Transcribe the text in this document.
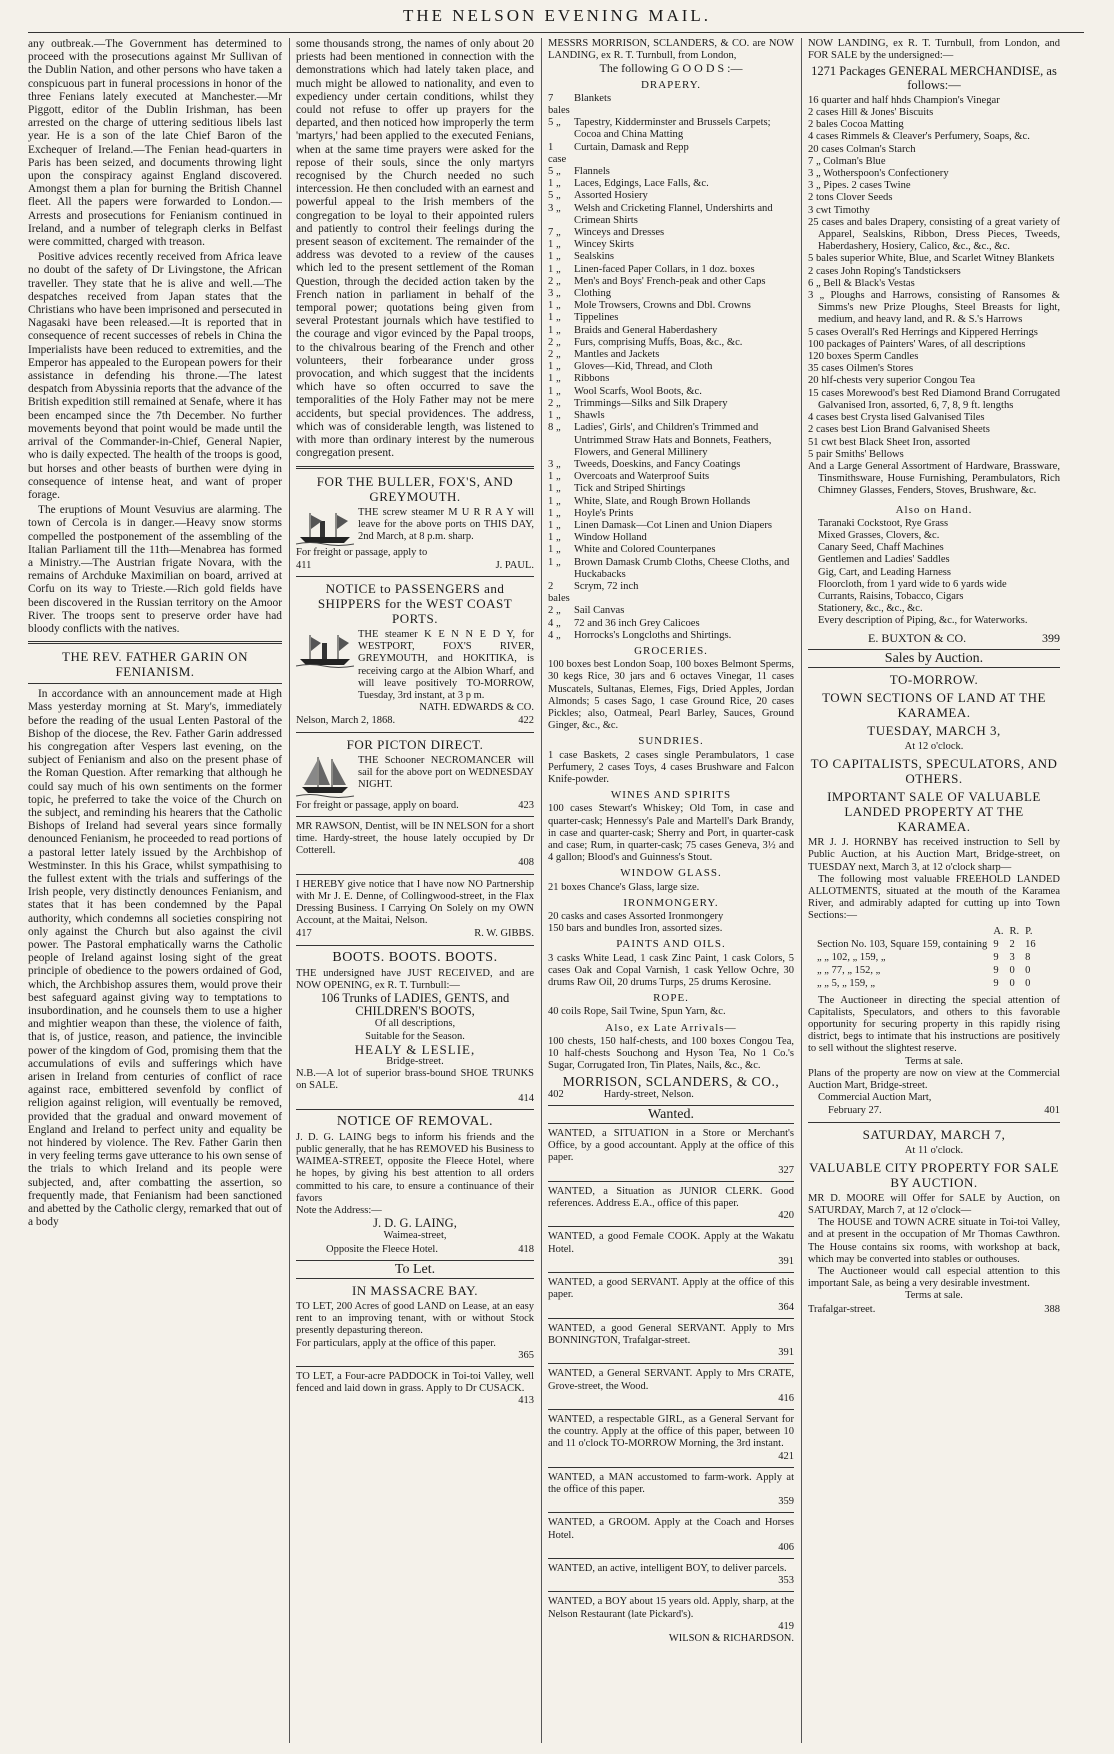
THE NELSON EVENING MAIL.

any outbreak.—The Government has determined to proceed with the prosecutions against Mr Sullivan of the Dublin Nation, and other persons who have taken a conspicuous part in funeral processions in honor of the three Fenians lately executed at Manchester.—Mr Piggott, editor of the Dublin Irishman, has been arrested on the charge of uttering seditious libels last year. He is a son of the late Chief Baron of the Exchequer of Ireland.—The Fenian head-quarters in Paris has been seized, and documents throwing light upon the conspiracy against England discovered. Amongst them a plan for burning the British Channel fleet. All the papers were forwarded to London.—Arrests and prosecutions for Fenianism continued in Ireland, and a number of telegraph clerks in Belfast were committed, charged with treason.

Positive advices recently received from Africa leave no doubt of the safety of Dr Livingstone, the African traveller. They state that he is alive and well.—The despatches received from Japan states that the Christians who have been imprisoned and persecuted in Nagasaki have been released.—It is reported that in consequence of recent successes of rebels in China the Imperialists have been reduced to extremities, and the Emperor has appealed to the European powers for their assistance in defending his throne.—The latest despatch from Abyssinia reports that the advance of the British expedition still remained at Senafe, where it has been encamped since the 7th December. No further movements beyond that point would be made until the arrival of the Commander-in-Chief, General Napier, who is daily expected. The health of the troops is good, but horses and other beasts of burthen were dying in consequence of intense heat, and want of proper forage.

The eruptions of Mount Vesuvius are alarming. The town of Cercola is in danger.—Heavy snow storms compelled the postponement of the assembling of the Italian Parliament till the 11th—Menabrea has formed a Ministry.—The Austrian frigate Novara, with the remains of Archduke Maximilian on board, arrived at Corfu on its way to Trieste.—Rich gold fields have been discovered in the Russian territory on the Amoor River. The troops sent to preserve order have had bloody conflicts with the natives.

THE REV. FATHER GARIN ON FENIANISM.

In accordance with an announcement made at High Mass yesterday morning at St. Mary's, immediately before the reading of the usual Lenten Pastoral of the Bishop of the diocese, the Rev. Father Garin addressed his congregation after Vespers last evening, on the subject of Fenianism and also on the present phase of the Roman Question. After remarking that although he could say much of his own sentiments on the former topic, he preferred to take the voice of the Church on the subject, and reminding his hearers that the Catholic Bishops of Ireland had several years since formally denounced Fenianism, he proceeded to read portions of a pastoral letter lately issued by the Archbishop of Westminster. In this his Grace, whilst sympathising to the fullest extent with the trials and sufferings of the Irish people, very distinctly denounces Fenianism, and states that it has been condemned by the Papal authority, which condemns all societies conspiring not only against the Church but also against the civil power. The Pastoral emphatically warns the Catholic people of Ireland against losing sight of the great principle of obedience to the powers ordained of God, which, the Archbishop assures them, would prove their best safeguard against giving way to temptations to insubordination, and he counsels them to use a higher and mightier weapon than these, the violence of faith, that is, of justice, reason, and patience, the invincible power of the kingdom of God, promising them that the accumulations of evils and sufferings which have arisen in Ireland from centuries of conflict of race against race, embittered sevenfold by conflict of religion against religion, will eventually be removed, provided that the gradual and onward movement of England and Ireland to perfect unity and equality be not hindered by violence. The Rev. Father Garin then in very feeling terms gave utterance to his own sense of the trials to which Ireland and its people were subjected, and, after combatting the assertion, so frequently made, that Fenianism had been sanctioned and abetted by the Catholic clergy, remarked that out of a body

some thousands strong, the names of only about 20 priests had been mentioned in connection with the demonstrations which had lately taken place, and much might be allowed to nationality, and even to expediency under certain conditions, whilst they could not refuse to offer up prayers for the departed, and then noticed how improperly the term 'martyrs,' had been applied to the executed Fenians, when at the same time prayers were asked for the repose of their souls, since the only martyrs recognised by the Church needed no such intercession. He then concluded with an earnest and powerful appeal to the Irish members of the congregation to be loyal to their appointed rulers and patiently to control their feelings during the present season of excitement. The remainder of the address was devoted to a review of the causes which led to the present settlement of the Roman Question, through the decided action taken by the French nation in parliament in behalf of the temporal power; quotations being given from several Protestant journals which have testified to the courage and vigor evinced by the Papal troops, to the chivalrous bearing of the French and other volunteers, their forbearance under gross provocation, and which suggest that the incidents which have so often occurred to save the temporalities of the Holy Father may not be mere accidents, but special providences. The address, which was of considerable length, was listened to with more than ordinary interest by the numerous congregation present.

FOR THE BULLER, FOX'S, AND GREYMOUTH.
THE screw steamer M U R R A Y will leave for the above ports on THIS DAY, 2nd March, at 8 p.m. sharp.
For freight or passage, apply to
411	J. PAUL.
NOTICE to PASSENGERS and SHIPPERS for the WEST COAST PORTS.
THE steamer K E N N E D Y, for WESTPORT, FOX'S RIVER, GREYMOUTH, and HOKITIKA, is receiving cargo at the Albion Wharf, and will leave positively TO-MORROW, Tuesday, 3rd instant, at 3 p m.
NATH. EDWARDS & CO.
Nelson, March 2, 1868.	422
FOR PICTON DIRECT.
THE Schooner NECROMANCER will sail for the above port on WEDNESDAY NIGHT.
For freight or passage, apply on board.	423
MR RAWSON, Dentist, will be IN NELSON for a short time. Hardy-street, the house lately occupied by Dr Cotterell.
408
I HEREBY give notice that I have now NO Partnership with Mr J. E. Denne, of Collingwood-street, in the Flax Dressing Business. I Carrying On Solely on my OWN Account, at the Maitai, Nelson.
417	R. W. GIBBS.
BOOTS. BOOTS. BOOTS.
THE undersigned have JUST RECEIVED, and are NOW OPENING, ex R. T. Turnbull:—
106 Trunks of LADIES, GENTS, and CHILDREN'S BOOTS,
Of all descriptions,
Suitable for the Season.
HEALY & LESLIE,
Bridge-street.
N.B.—A lot of superior brass-bound SHOE TRUNKS on SALE.
414
NOTICE OF REMOVAL.
J. D. G. LAING begs to inform his friends and the public generally, that he has REMOVED his Business to WAIMEA-STREET, opposite the Fleece Hotel, where he hopes, by giving his best attention to all orders committed to his care, to ensure a continuance of their favors
Note the Address:—
J. D. G. LAING,
Waimea-street,
Opposite the Fleece Hotel.	418
To Let.
IN MASSACRE BAY.
TO LET, 200 Acres of good LAND on Lease, at an easy rent to an improving tenant, with or without Stock presently depasturing thereon.
For particulars, apply at the office of this paper.
365
TO LET, a Four-acre PADDOCK in Toi-toi Valley, well fenced and laid down in grass. Apply to Dr CUSACK.
413
MESSRS MORRISON, SCLANDERS, & CO. are NOW LANDING, ex R. T. Turnbull, from London,
The following G O O D S :—
DRAPERY.
7 bales
Blankets
5 „	Tapestry, Kidderminster and Brussels Carpets; Cocoa and China Matting
1 case
Curtain, Damask and Repp
5 „	Flannels
1 „	Laces, Edgings, Lace Falls, &c.
5 „	Assorted Hosiery
3 „	Welsh and Cricketing Flannel, Undershirts and Crimean Shirts
7 „	Winceys and Dresses
1 „	Wincey Skirts
1 „	Sealskins
1 „	Linen-faced Paper Collars, in 1 doz. boxes
2 „	Men's and Boys' French-peak and other Caps
3 „	Clothing
1 „	Mole Trowsers, Crowns and Dbl. Crowns
1 „	Tippelines
1 „	Braids and General Haberdashery
2 „	Furs, comprising Muffs, Boas, &c., &c.
2 „	Mantles and Jackets
1 „	Gloves—Kid, Thread, and Cloth
1 „	Ribbons
1 „	Wool Scarfs, Wool Boots, &c.
2 „	Trimmings—Silks and Silk Drapery
1 „	Shawls
8 „	Ladies', Girls', and Children's Trimmed and Untrimmed Straw Hats and Bonnets, Feathers, Flowers, and General Millinery
3 „	Tweeds, Doeskins, and Fancy Coatings
1 „	Overcoats and Waterproof Suits
1 „	Tick and Striped Shirtings
1 „	White, Slate, and Rough Brown Hollands
1 „	Hoyle's Prints
1 „	Linen Damask—Cot Linen and Union Diapers
1 „	Window Holland
1 „	White and Colored Counterpanes
1 „	Brown Damask Crumb Cloths, Cheese Cloths, and Huckabacks
2 bales
Scrym, 72 inch
2 „	Sail Canvas
4 „	72 and 36 inch Grey Calicoes
4 „	Horrocks's Longcloths and Shirtings.
GROCERIES.
100 boxes best London Soap, 100 boxes Belmont Sperms, 30 kegs Rice, 30 jars and 6 octaves Vinegar, 11 cases Muscatels, Sultanas, Elemes, Figs, Dried Apples, Jordan Almonds; 5 cases Sago, 1 case Ground Rice, 20 cases Pickles; also, Oatmeal, Pearl Barley, Sauces, Ground Ginger, &c., &c.
SUNDRIES.
1 case Baskets, 2 cases single Perambulators, 1 case Perfumery, 2 cases Toys, 4 cases Brushware and Falcon Knife-powder.
WINES AND SPIRITS
100 cases Stewart's Whiskey; Old Tom, in case and quarter-cask; Hennessy's Pale and Martell's Dark Brandy, in case and quarter-cask; Sherry and Port, in quarter-cask and case; Rum, in quarter-cask; 75 cases Geneva, 3½ and 4 gallon; Blood's and Guinness's Stout.
WINDOW GLASS.
21 boxes Chance's Glass, large size.
IRONMONGERY.
20 casks and cases Assorted Ironmongery
150 bars and bundles Iron, assorted sizes.
PAINTS AND OILS.
3 casks White Lead, 1 cask Zinc Paint, 1 cask Colors, 5 cases Oak and Copal Varnish, 1 cask Yellow Ochre, 30 drums Raw Oil, 20 drums Turps, 25 drums Kerosine.
ROPE.
40 coils Rope, Sail Twine, Spun Yarn, &c.
Also, ex Late Arrivals—
100 chests, 150 half-chests, and 100 boxes Congou Tea, 10 half-chests Souchong and Hyson Tea, No 1 Co.'s Sugar, Corrugated Iron, Tin Plates, Nails, &c., &c.
MORRISON, SCLANDERS, & CO.,
402	Hardy-street, Nelson.
Wanted.
WANTED, a SITUATION in a Store or Merchant's Office, by a good accountant. Apply at the office of this paper.
327
WANTED, a Situation as JUNIOR CLERK. Good references. Address E.A., office of this paper.
420
WANTED, a good Female COOK. Apply at the Wakatu Hotel.
391
WANTED, a good SERVANT. Apply at the office of this paper.
364
WANTED, a good General SERVANT. Apply to Mrs BONNINGTON, Trafalgar-street.
391
WANTED, a General SERVANT. Apply to Mrs CRATE, Grove-street, the Wood.
416
WANTED, a respectable GIRL, as a General Servant for the country. Apply at the office of this paper, between 10 and 11 o'clock TO-MORROW Morning, the 3rd instant.
421
WANTED, a MAN accustomed to farm-work. Apply at the office of this paper.
359
WANTED, a GROOM. Apply at the Coach and Horses Hotel.
406
WANTED, an active, intelligent BOY, to deliver parcels.
353
WANTED, a BOY about 15 years old. Apply, sharp, at the Nelson Restaurant (late Pickard's).
419
WILSON & RICHARDSON.
NOW LANDING, ex R. T. Turnbull, from London, and FOR SALE by the undersigned:—
1271 Packages GENERAL MERCHANDISE, as follows:—
16 quarter and half hhds Champion's Vinegar
2 cases Hill & Jones' Biscuits
2 bales Cocoa Matting
4 cases Rimmels & Cleaver's Perfumery, Soaps, &c.
20 cases Colman's Starch
7 „ Colman's Blue
3 „ Wotherspoon's Confectionery
3 „ Pipes. 2 cases Twine
2 tons Clover Seeds
3 cwt Timothy
25 cases and bales Drapery, consisting of a great variety of Apparel, Sealskins, Ribbon, Dress Pieces, Tweeds, Haberdashery, Hosiery, Calico, &c., &c., &c.
5 bales superior White, Blue, and Scarlet Witney Blankets
2 cases John Roping's Tandsticksers
6 „ Bell & Black's Vestas
3 „ Ploughs and Harrows, consisting of Ransomes & Simms's new Prize Ploughs, Steel Breasts for light, medium, and heavy land, and R. & S.'s Harrows
5 cases Overall's Red Herrings and Kippered Herrings
100 packages of Painters' Wares, of all descriptions
120 boxes Sperm Candles
35 cases Oilmen's Stores
20 hlf-chests very superior Congou Tea
15 cases Morewood's best Red Diamond Brand Corrugated Galvanised Iron, assorted, 6, 7, 8, 9 ft. lengths
4 cases best Crysta lised Galvanised Tiles
2 cases best Lion Brand Galvanised Sheets
51 cwt best Black Sheet Iron, assorted
5 pair Smiths' Bellows
And a Large General Assortment of Hardware, Brassware, Tinsmithsware, House Furnishing, Perambulators, Rich Chimney Glasses, Fenders, Stoves, Brushware, &c.
Also on Hand.
Taranaki Cockstoot, Rye Grass
Mixed Grasses, Clovers, &c.
Canary Seed, Chaff Machines
Gentlemen and Ladies' Saddles
Gig, Cart, and Leading Harness
Floorcloth, from 1 yard wide to 6 yards wide
Currants, Raisins, Tobacco, Cigars
Stationery, &c., &c., &c.
Every description of Piping, &c., for Waterworks.
E. BUXTON & CO.	399
Sales by Auction.
TO-MORROW.
TOWN SECTIONS OF LAND AT THE KARAMEA.
TUESDAY, MARCH 3,
At 12 o'clock.
TO CAPITALISTS, SPECULATORS, AND OTHERS.
IMPORTANT SALE OF VALUABLE LANDED PROPERTY AT THE KARAMEA.
MR J. J. HORNBY has received instruction to Sell by Public Auction, at his Auction Mart, Bridge-street, on TUESDAY next, March 3, at 12 o'clock sharp—
The following most valuable FREEHOLD LANDED ALLOTMENTS, situated at the mouth of the Karamea River, and admirably adapted for cutting up into Town Sections:—
	A.	R.	P.
Section No. 103, Square 159, containing	9	2	16
„ „ 102, „ 159, „	9	3	8
„ „ 77, „ 152, „	9	0	0
„ „ 5, „ 159, „	9	0	0
The Auctioneer in directing the special attention of Capitalists, Speculators, and others to this favorable opportunity for securing property in this rapidly rising district, begs to intimate that his instructions are positively to sell without the slightest reserve.
Terms at sale.
Plans of the property are now on view at the Commercial Auction Mart, Bridge-street.
Commercial Auction Mart,
February 27.	401
SATURDAY, MARCH 7,
At 11 o'clock.
VALUABLE CITY PROPERTY FOR SALE BY AUCTION.
MR D. MOORE will Offer for SALE by Auction, on SATURDAY, March 7, at 12 o'clock—
The HOUSE and TOWN ACRE situate in Toi-toi Valley, and at present in the occupation of Mr Thomas Cawthron. The House contains six rooms, with workshop at back, which may be converted into stables or outhouses.
The Auctioneer would call especial attention to this important Sale, as being a very desirable investment.
Terms at sale.
Trafalgar-street.	388
